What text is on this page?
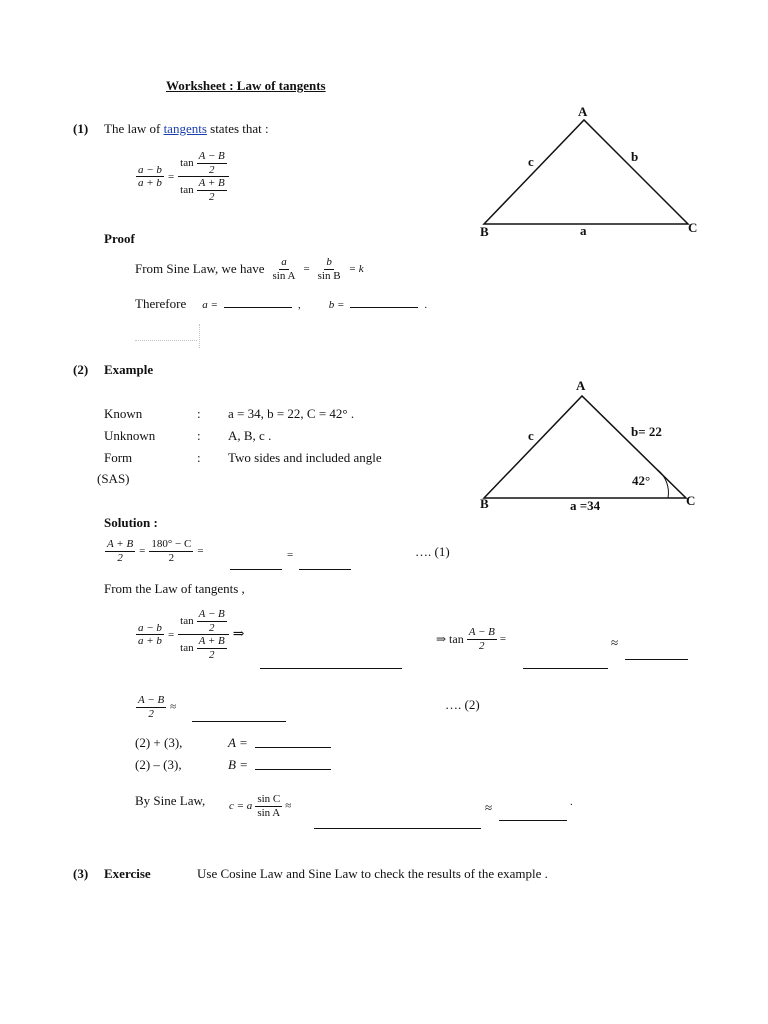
Worksheet : Law of tangents
(1) The law of tangents states that :
$\frac{a - b}{a + b} = \frac{\tan \frac{A - B}{2}}{\tan \frac{A + B}{2}}$
A
B	C
a
b
c
Proof
From Sine Law, we have $\frac{a}{\text{sin A}} = \frac{b}{\text{sin B}} = k$
Therefore a =	,	b =	.
(2) Example
Known	: a = 34, b = 22, C = 42° .
Unknown	: A, B, c .
Form	: Two sides and included angle
(SAS)
A
B	C
a =34
b= 22
c
42°
Solution :
$\frac{A + B}{2} = \frac{180^\circ - C}{2}$ =	=	…. (1)
From the Law of tangents ,
$\frac{a - b}{a + b} = \frac{\tan \frac{A - B}{2}}{\tan \frac{A + B}{2}}$ ⇒	⇒ $\tan \frac{A - B}{2}$ =	≈
$\frac{A - B}{2}$ ≈	…. (2)
(2) + (3),	A =
(2) – (3),	B =
By Sine Law, c = a $\frac{\text{sin C}}{\text{sin A}}$ ≈	≈	.
(3) Exercise	Use Cosine Law and Sine Law to check the results of the example .
